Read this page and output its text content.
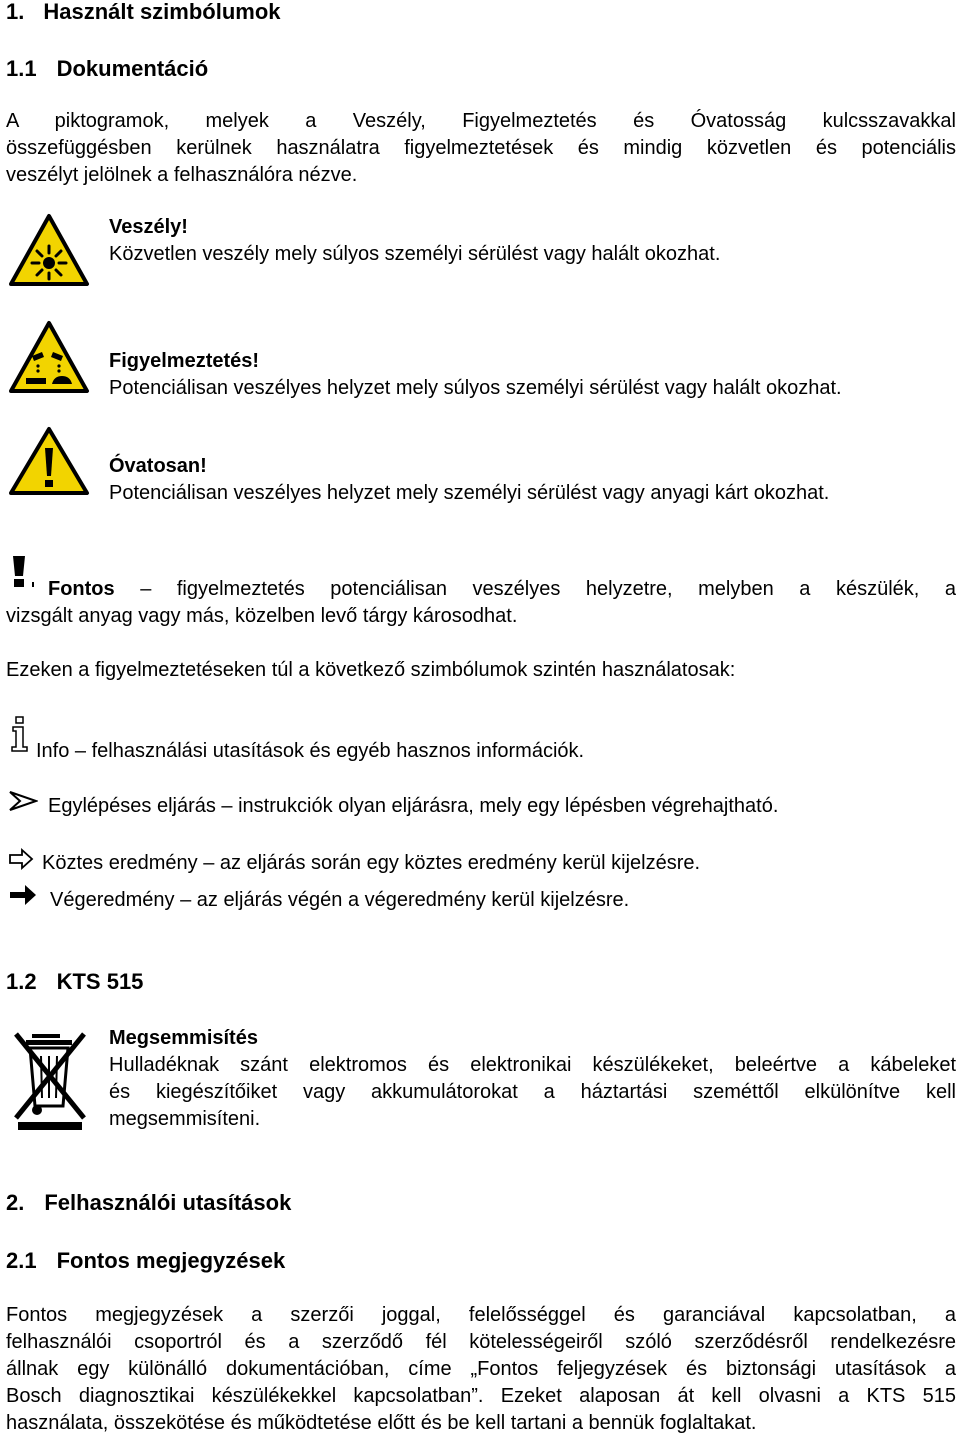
1. Használt szimbólumok
1.1 Dokumentáció
A piktogramok, melyek a Veszély, Figyelmeztetés és Óvatosság kulcsszavakkal
összefüggésben kerülnek használatra figyelmeztetések és mindig közvetlen és potenciális
veszélyt jelölnek a felhasználóra nézve.
Veszély!
Közvetlen veszély mely súlyos személyi sérülést vagy halált okozhat.
Figyelmeztetés!
Potenciálisan veszélyes helyzet mely súlyos személyi sérülést vagy halált okozhat.
Óvatosan!
Potenciálisan veszélyes helyzet mely személyi sérülést vagy anyagi kárt okozhat.
Fontos – figyelmeztetés potenciálisan veszélyes helyzetre, melyben a készülék, a
vizsgált anyag vagy más, közelben levő tárgy károsodhat.
Ezeken a figyelmeztetéseken túl a következő szimbólumok szintén használatosak:
Info – felhasználási utasítások és egyéb hasznos információk.
Egylépéses eljárás – instrukciók olyan eljárásra, mely egy lépésben végrehajtható.
Köztes eredmény – az eljárás során egy köztes eredmény kerül kijelzésre.
Végeredmény – az eljárás végén a végeredmény kerül kijelzésre.
1.2 KTS 515
Megsemmisítés
Hulladéknak szánt elektromos és elektronikai készülékeket, beleértve a kábeleket
és kiegészítőiket vagy akkumulátorokat a háztartási szeméttől elkülönítve kell
megsemmisíteni.
2. Felhasználói utasítások
2.1 Fontos megjegyzések
Fontos megjegyzések a szerzői joggal, felelősséggel és garanciával kapcsolatban, a
felhasználói csoportról és a szerződő fél kötelességeiről szóló szerződésről rendelkezésre
állnak egy különálló dokumentációban, címe „Fontos feljegyzések és biztonsági utasítások a
Bosch diagnosztikai készülékekkel kapcsolatban”. Ezeket alaposan át kell olvasni a KTS 515
használata, összekötése és működtetése előtt és be kell tartani a bennük foglaltakat.
